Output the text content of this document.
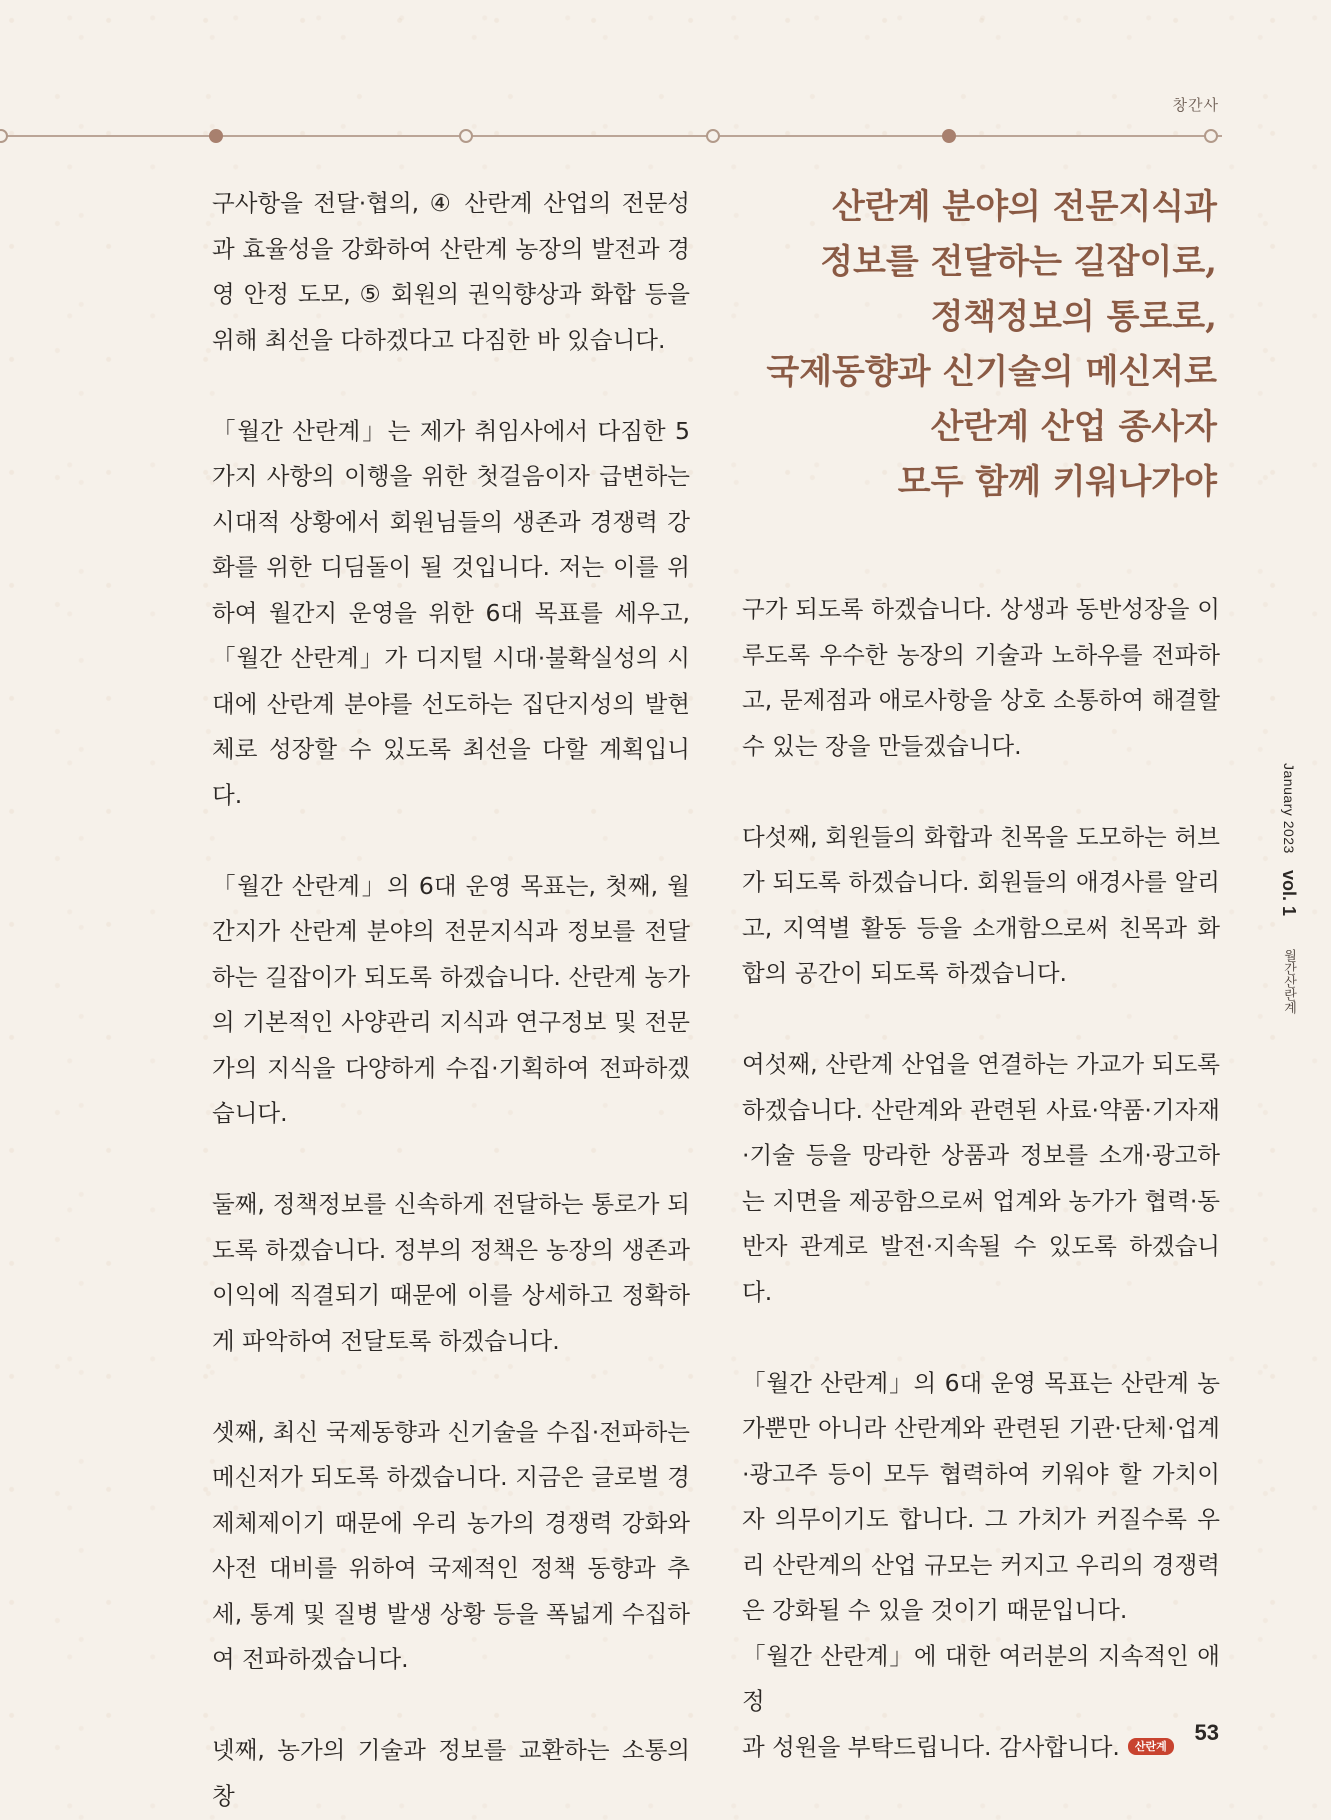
창간사

구사항을 전달·협의, ④ 산란계 산업의 전문성과 효율성을 강화하여 산란계 농장의 발전과 경영 안정 도모, ⑤ 회원의 권익향상과 화합 등을 위해 최선을 다하겠다고 다짐한 바 있습니다.

「월간 산란계」는 제가 취임사에서 다짐한 5가지 사항의 이행을 위한 첫걸음이자 급변하는 시대적 상황에서 회원님들의 생존과 경쟁력 강화를 위한 디딤돌이 될 것입니다. 저는 이를 위하여 월간지 운영을 위한 6대 목표를 세우고, 「월간 산란계」가 디지털 시대·불확실성의 시대에 산란계 분야를 선도하는 집단지성의 발현체로 성장할 수 있도록 최선을 다할 계획입니다.

「월간 산란계」의 6대 운영 목표는, 첫째, 월간지가 산란계 분야의 전문지식과 정보를 전달하는 길잡이가 되도록 하겠습니다. 산란계 농가의 기본적인 사양관리 지식과 연구정보 및 전문가의 지식을 다양하게 수집·기획하여 전파하겠습니다.

둘째, 정책정보를 신속하게 전달하는 통로가 되도록 하겠습니다. 정부의 정책은 농장의 생존과 이익에 직결되기 때문에 이를 상세하고 정확하게 파악하여 전달토록 하겠습니다.

셋째, 최신 국제동향과 신기술을 수집·전파하는 메신저가 되도록 하겠습니다. 지금은 글로벌 경제체제이기 때문에 우리 농가의 경쟁력 강화와 사전 대비를 위하여 국제적인 정책 동향과 추세, 통계 및 질병 발생 상황 등을 폭넓게 수집하여 전파하겠습니다.

넷째, 농가의 기술과 정보를 교환하는 소통의 창

산란계 분야의 전문지식과
정보를 전달하는 길잡이로,
정책정보의 통로로,
국제동향과 신기술의 메신저로
산란계 산업 종사자
모두 함께 키워나가야

구가 되도록 하겠습니다. 상생과 동반성장을 이루도록 우수한 농장의 기술과 노하우를 전파하고, 문제점과 애로사항을 상호 소통하여 해결할 수 있는 장을 만들겠습니다.

다섯째, 회원들의 화합과 친목을 도모하는 허브가 되도록 하겠습니다. 회원들의 애경사를 알리고, 지역별 활동 등을 소개함으로써 친목과 화합의 공간이 되도록 하겠습니다.

여섯째, 산란계 산업을 연결하는 가교가 되도록 하겠습니다. 산란계와 관련된 사료·약품·기자재·기술 등을 망라한 상품과 정보를 소개·광고하는 지면을 제공함으로써 업계와 농가가 협력·동반자 관계로 발전·지속될 수 있도록 하겠습니다.

「월간 산란계」의 6대 운영 목표는 산란계 농가뿐만 아니라 산란계와 관련된 기관·단체·업계·광고주 등이 모두 협력하여 키워야 할 가치이자 의무이기도 합니다. 그 가치가 커질수록 우리 산란계의 산업 규모는 커지고 우리의 경쟁력은 강화될 수 있을 것이기 때문입니다.
「월간 산란계」에 대한 여러분의 지속적인 애정
과 성원을 부탁드립니다. 감사합니다. 산란계

January 2023 vol. 1 월간산란계
53
